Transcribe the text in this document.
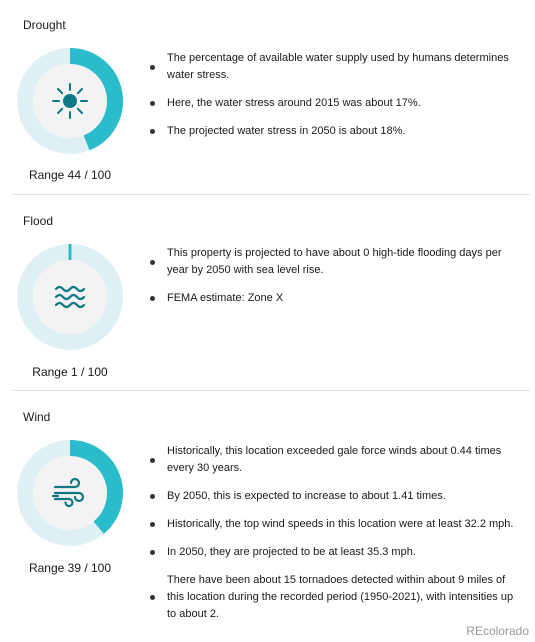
Drought
Range 44 / 100
The percentage of available water supply used by humans determines water stress.
Here, the water stress around 2015 was about 17%.
The projected water stress in 2050 is about 18%.
Flood
Range 1 / 100
This property is projected to have about 0 high-tide flooding days per year by 2050 with sea level rise.
FEMA estimate: Zone X
Wind
Range 39 / 100
Historically, this location exceeded gale force winds about 0.44 times every 30 years.
By 2050, this is expected to increase to about 1.41 times.
Historically, the top wind speeds in this location were at least 32.2 mph.
In 2050, they are projected to be at least 35.3 mph.
There have been about 15 tornadoes detected within about 9 miles of this location during the recorded period (1950-2021), with intensities up to about 2.
REcolorado
